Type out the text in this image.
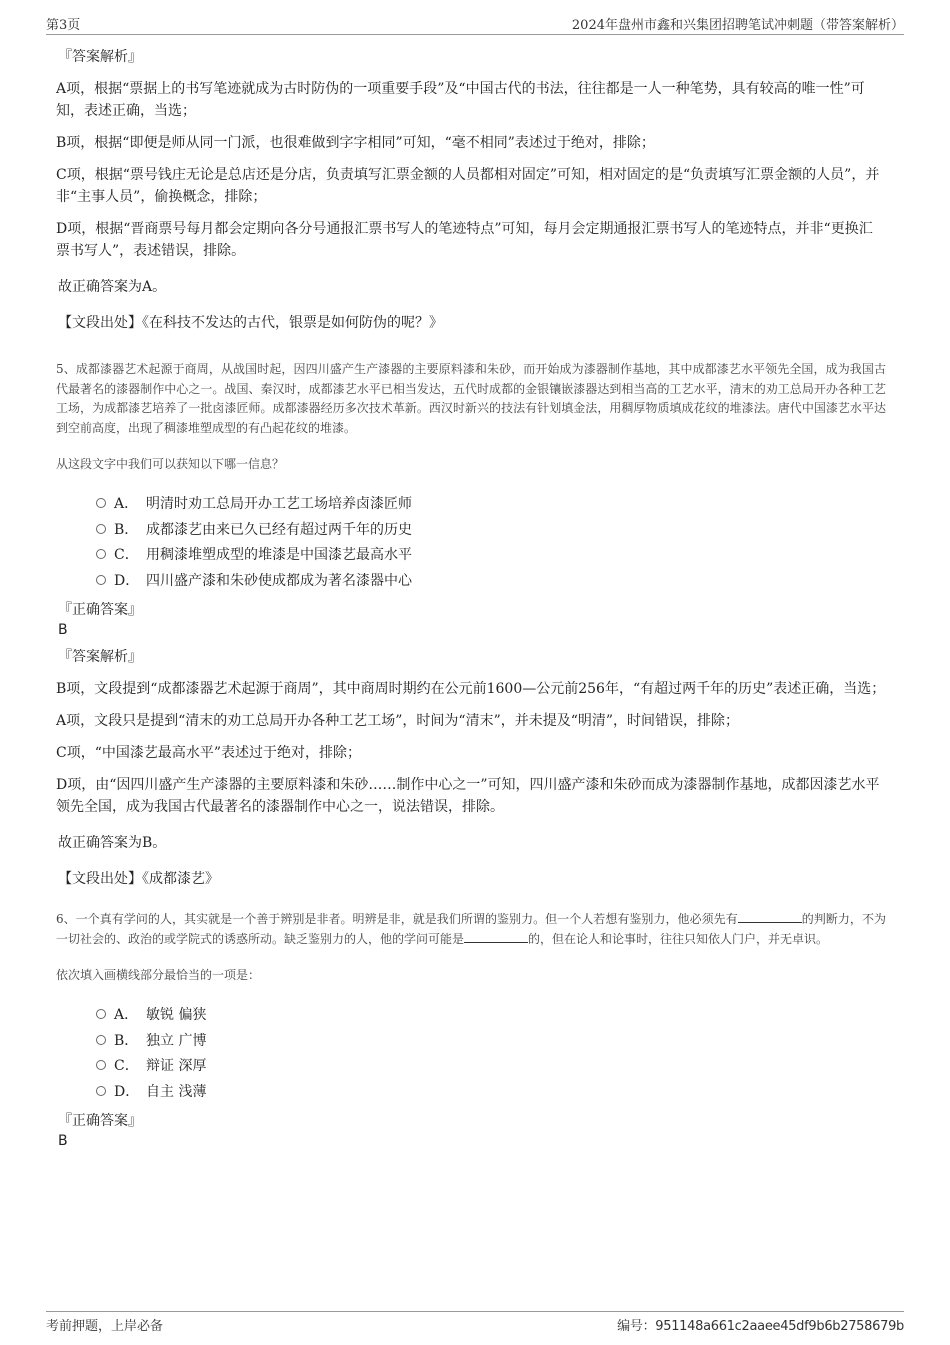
第3页	2024年盘州市鑫和兴集团招聘笔试冲刺题（带答案解析）
『答案解析』
A项，根据“票据上的书写笔迹就成为古时防伪的一项重要手段”及“中国古代的书法，往往都是一人一种笔势，具有较高的唯一性”可知，表述正确，当选；
B项，根据“即便是师从同一门派，也很难做到字字相同”可知，“毫不相同”表述过于绝对，排除；
C项，根据“票号钱庄无论是总店还是分店，负责填写汇票金额的人员都相对固定”可知，相对固定的是“负责填写汇票金额的人员”，并非“主事人员”，偷换概念，排除；
D项，根据“晋商票号每月都会定期向各分号通报汇票书写人的笔迹特点”可知，每月会定期通报汇票书写人的笔迹特点，并非“更换汇票书写人”，表述错误，排除。
故正确答案为A。
【文段出处】《在科技不发达的古代，银票是如何防伪的呢？》
5、成都漆器艺术起源于商周，从战国时起，因四川盛产生产漆器的主要原料漆和朱砂，而开始成为漆器制作基地，其中成都漆艺水平领先全国，成为我国古代最著名的漆器制作中心之一。战国、秦汉时，成都漆艺水平已相当发达，五代时成都的金银镶嵌漆器达到相当高的工艺水平，清末的劝工总局开办各种工艺工场，为成都漆艺培养了一批卤漆匠师。成都漆器经历多次技术革新。西汉时新兴的技法有针划填金法，用稠厚物质填成花纹的堆漆法。唐代中国漆艺水平达到空前高度，出现了稠漆堆塑成型的有凸起花纹的堆漆。
从这段文字中我们可以获知以下哪一信息？
A． 明清时劝工总局开办工艺工场培养卤漆匠师
B． 成都漆艺由来已久已经有超过两千年的历史
C． 用稠漆堆塑成型的堆漆是中国漆艺最高水平
D． 四川盛产漆和朱砂使成都成为著名漆器中心
『正确答案』
B
『答案解析』
B项，文段提到“成都漆器艺术起源于商周”，其中商周时期约在公元前1600—公元前256年，“有超过两千年的历史”表述正确，当选；
A项，文段只是提到“清末的劝工总局开办各种工艺工场”，时间为“清末”，并未提及“明清”，时间错误，排除；
C项，“中国漆艺最高水平”表述过于绝对，排除；
D项，由“因四川盛产生产漆器的主要原料漆和朱砂……制作中心之一”可知，四川盛产漆和朱砂而成为漆器制作基地，成都因漆艺水平领先全国，成为我国古代最著名的漆器制作中心之一，说法错误，排除。
故正确答案为B。
【文段出处】《成都漆艺》
6、一个真有学问的人，其实就是一个善于辨别是非者。明辨是非，就是我们所谓的鉴别力。但一个人若想有鉴别力，他必须先有	的判断力，不为一切社会的、政治的或学院式的诱惑所动。缺乏鉴别力的人，他的学问可能是	的，但在论人和论事时，往往只知依人门户，并无卓识。
依次填入画横线部分最恰当的一项是：
A． 敏锐 偏狭
B． 独立 广博
C． 辩证 深厚
D． 自主 浅薄
『正确答案』
B
考前押题，上岸必备	编号：951148a661c2aaee45df9b6b2758679b
